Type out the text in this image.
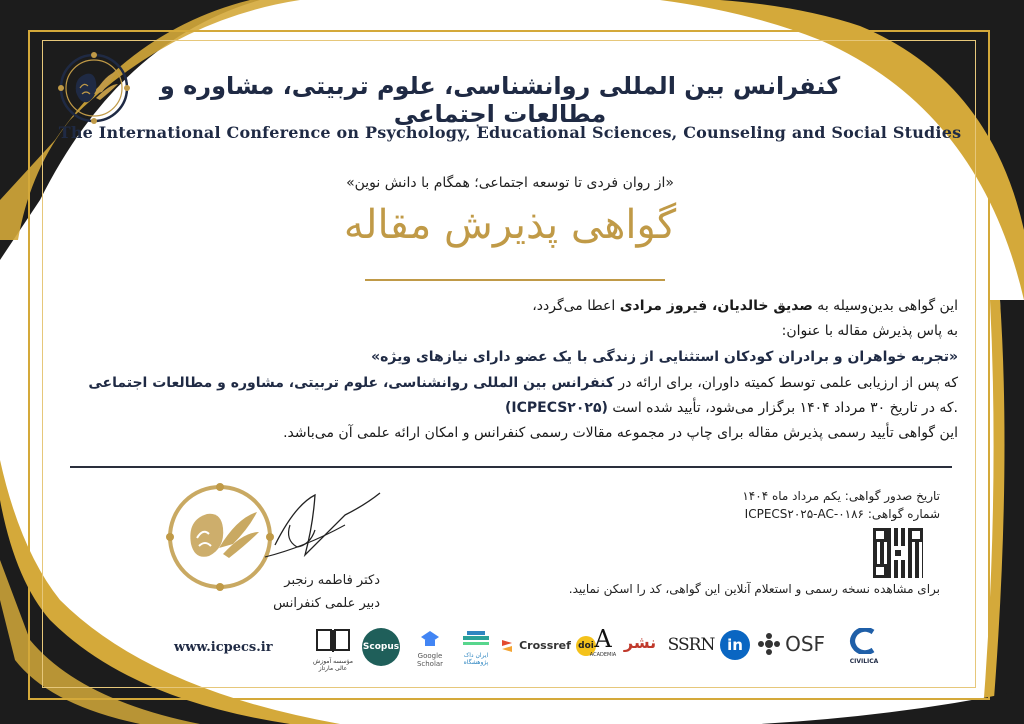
کنفرانس بین المللی روانشناسی، علوم تربیتی، مشاوره و مطالعات اجتماعی
The International Conference on Psychology, Educational Sciences, Counseling and Social Studies
«از روان فردی تا توسعه اجتماعی؛ همگام با دانش نوین»
گواهی پذیرش مقاله
این گواهی بدین‌وسیله به صدیق خالدیان، فیروز مرادی اعطا می‌گردد،
به پاس پذیرش مقاله با عنوان:
«تجربه خواهران و برادران کودکان استثنایی از زندگی با یک عضو دارای نیازهای ویژه»
که پس از ارزیابی علمی توسط کمیته داوران، برای ارائه در کنفرانس بین المللی روانشناسی، علوم تربیتی، مشاوره و مطالعات اجتماعی
(ICPECS۲۰۲۵) که در تاریخ ۳۰ مرداد ۱۴۰۴ برگزار می‌شود، تأیید شده است.
این گواهی تأیید رسمی پذیرش مقاله برای چاپ در مجموعه مقالات رسمی کنفرانس و امکان ارائه علمی آن می‌باشد.
تاریخ صدور گواهی: یکم مرداد ماه ۱۴۰۴
شماره گواهی: ICPECS۲۰۲۵-AC-۰۱۸۶
برای مشاهده نسخه رسمی و استعلام آنلاین این گواهی، کد را اسکن نمایید.
دکتر فاطمه رنجبر
دبیر علمی کنفرانس
www.icpecs.ir
مؤسسه آموزش عالی مارتاز
Scopus
Google Scholar
ایران داک پژوهشگاه
Crossref doi A
ACADEMIA
نشر SSRN in	OSF
CIVILICA
